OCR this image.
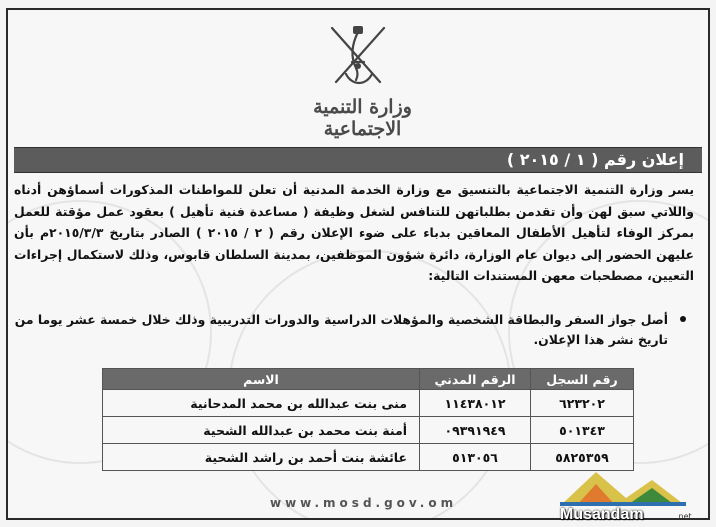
وزارة التنمية الاجتماعية
إعلان رقم ( ١ / ٢٠١٥ )
يسر وزارة التنمية الاجتماعية بالتنسيق مع وزارة الخدمة المدنية أن تعلن للمواطنات المذكورات أسماؤهن أدناه واللاتي سبق لهن وأن تقدمن بطلباتهن للتنافس لشغل وظيفة ( مساعدة فنية تأهيل ) بعقود عمل مؤقتة للعمل بمركز الوفاء لتأهيل الأطفال المعاقين بدباء على ضوء الإعلان رقم ( ٢ / ٢٠١٥ ) الصادر بتاريخ ٢٠١٥/٣/٣م بأن عليهن الحضور إلى ديوان عام الوزارة، دائرة شؤون الموظفين، بمدينة السلطان قابوس، وذلك لاستكمال إجراءات التعيين، مصطحبات معهن المستندات التالية:
أصل جواز السفر والبطاقة الشخصية والمؤهلات الدراسية والدورات التدريبية وذلك خلال خمسة عشر يوما من تاريخ نشر هذا الإعلان.
رقم السجل	الرقم المدني	الاسم
٦٢٣٢٠٢	١١٤٣٨٠١٢	منى بنت عبدالله بن محمد المدحانية
٥٠١٣٤٣	٠٩٣٩١٩٤٩	أمنة بنت محمد بن عبدالله الشحية
٥٨٢٥٣٥٩	٥١٣٠٥٦	عائشة بنت أحمد بن راشد الشحية
www.mosd.gov.om
Musandam	.net
